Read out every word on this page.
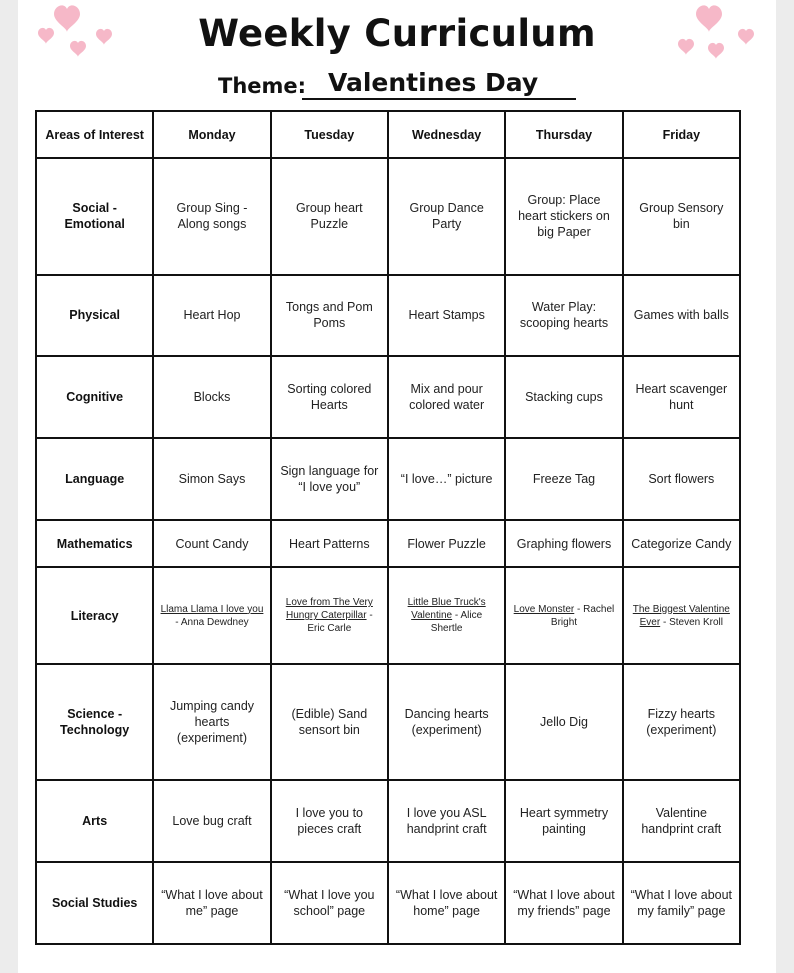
Weekly Curriculum
Theme: Valentines Day
Areas of Interest	Monday	Tuesday	Wednesday	Thursday	Friday
Social - Emotional	Group Sing - Along songs	Group heart Puzzle	Group Dance Party	Group: Place heart stickers on big Paper	Group Sensory bin
Physical	Heart Hop	Tongs and Pom Poms	Heart Stamps	Water Play: scooping hearts	Games with balls
Cognitive	Blocks	Sorting colored Hearts	Mix and pour colored water	Stacking cups	Heart scavenger hunt
Language	Simon Says	Sign language for “I love you”	“I love…” picture	Freeze Tag	Sort flowers
Mathematics	Count Candy	Heart Patterns	Flower Puzzle	Graphing flowers	Categorize Candy
Literacy	Llama Llama I love you - Anna Dewdney	Love from The Very Hungry Caterpillar - Eric Carle	Little Blue Truck's Valentine - Alice Shertle	Love Monster - Rachel Bright	The Biggest Valentine Ever - Steven Kroll
Science - Technology	Jumping candy hearts (experiment)	(Edible) Sand sensort bin	Dancing hearts (experiment)	Jello Dig	Fizzy hearts (experiment)
Arts	Love bug craft	I love you to pieces craft	I love you ASL handprint craft	Heart symmetry painting	Valentine handprint craft
Social Studies	“What I love about me” page	“What I love you school” page	“What I love about home” page	“What I love about my friends” page	“What I love about my family” page
